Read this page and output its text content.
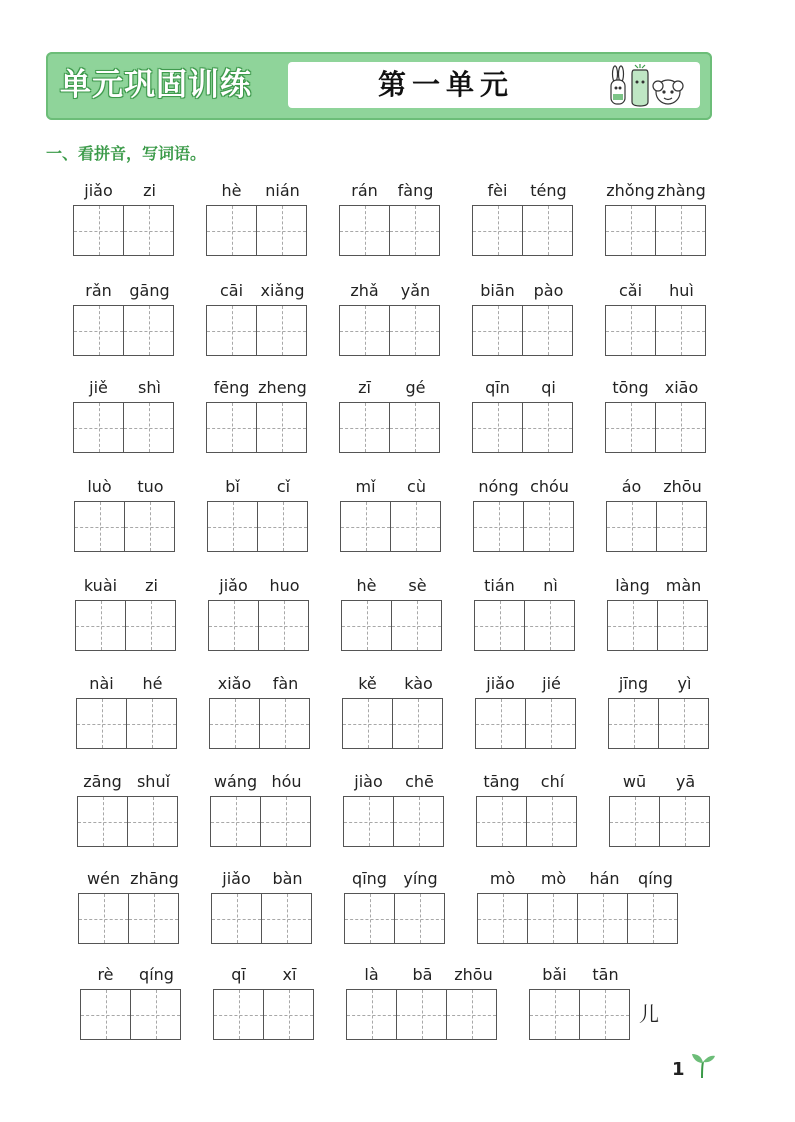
单元巩固训练	第一单元
一、看拼音，写词语。
jiǎo	zi	hè	nián	rán	fàng	fèi	téng	zhǒng zhàng
rǎn	gāng	cāi	xiǎng	zhǎ	yǎn	biān	pào	cǎi	huì
jiě	shì	fēng zheng	zī	gé	qīn	qi	tōng	xiāo
luò	tuo	bǐ	cǐ	mǐ	cù	nóng chóu	áo	zhōu
kuài	zi	jiǎo	huo	hè	sè	tián	nì	làng màn
nài	hé	xiǎo	fàn	kě	kào	jiǎo	jié	jīng	yì
zāng shuǐ	wáng hóu	jiào	chē	tāng	chí	wū	yā
wén zhāng	jiǎo	bàn	qīng	yíng	mò	mò	hán	qíng
rè	qíng	qī	xī	là	bā	zhōu	bǎi	tān
儿
1
